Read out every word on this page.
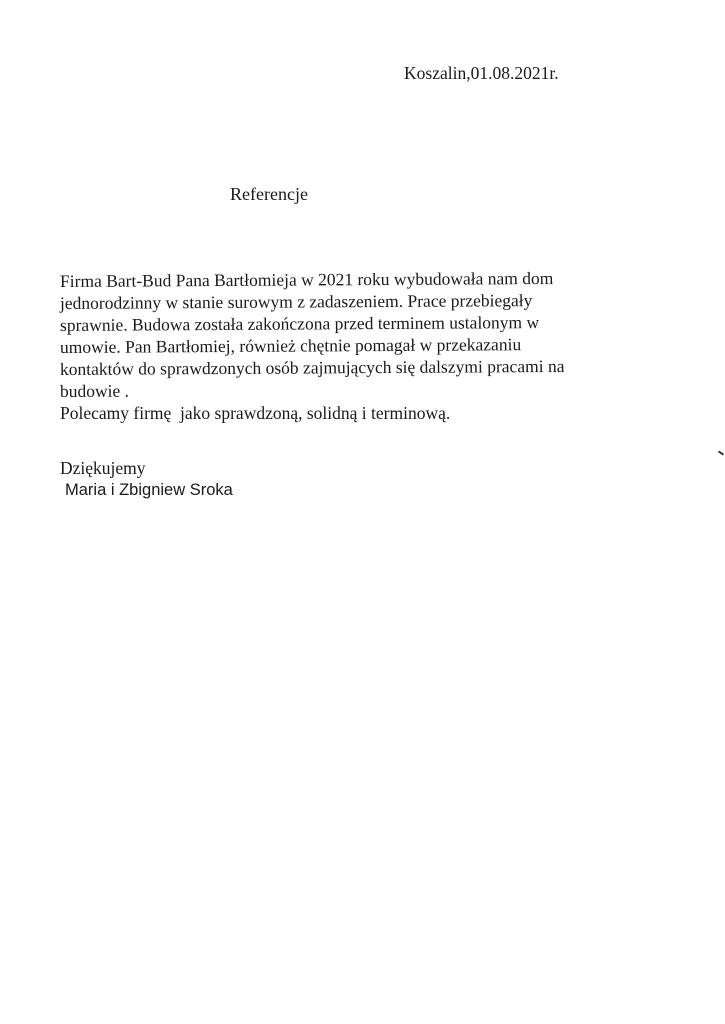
Koszalin,01.08.2021r.
Referencje
Firma Bart-Bud Pana Bartłomieja w 2021 roku wybudowała nam dom
jednorodzinny w stanie surowym z zadaszeniem. Prace przebiegały
sprawnie. Budowa została zakończona przed terminem ustalonym w
umowie. Pan Bartłomiej, również chętnie pomagał w przekazaniu
kontaktów do sprawdzonych osób zajmujących się dalszymi pracami na
budowie .
Polecamy firmę  jako sprawdzoną, solidną i terminową.
Dziękujemy
Maria i Zbigniew Sroka
